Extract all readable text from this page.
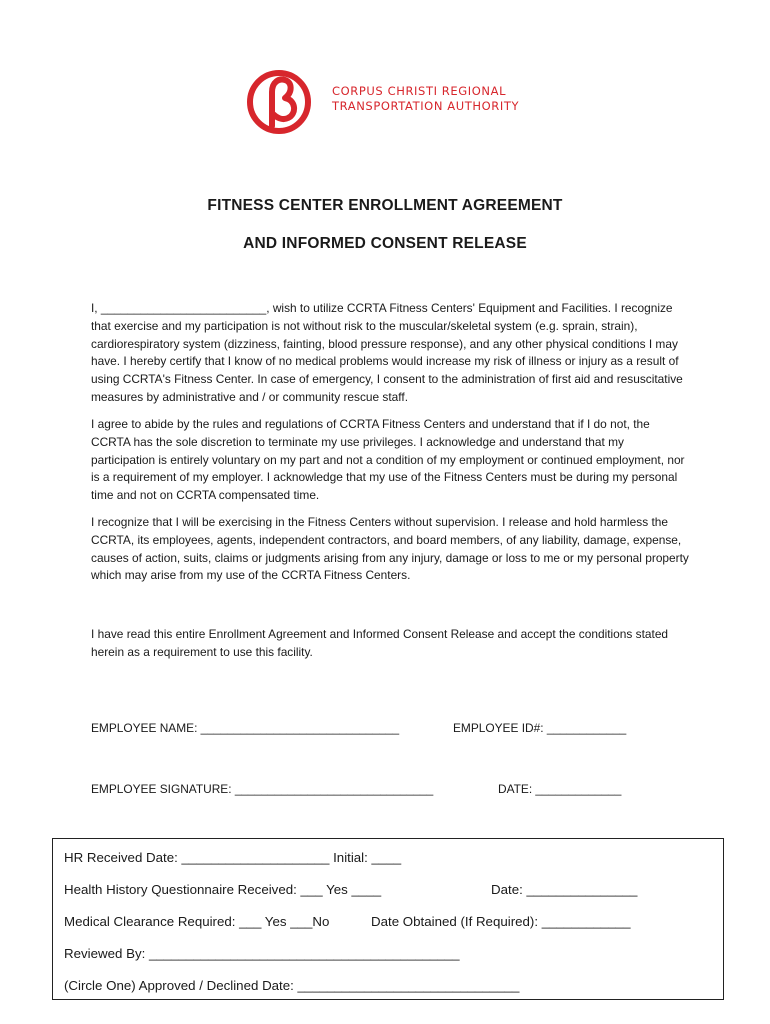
CORPUS CHRISTI REGIONAL
TRANSPORTATION AUTHORITY
FITNESS CENTER ENROLLMENT AGREEMENT
AND INFORMED CONSENT RELEASE

I, _________________________, wish to utilize CCRTA Fitness Centers' Equipment and Facilities. I recognize that exercise and my participation is not without risk to the muscular/skeletal system (e.g. sprain, strain), cardiorespiratory system (dizziness, fainting, blood pressure response), and any other physical conditions I may have. I hereby certify that I know of no medical problems would increase my risk of illness or injury as a result of using CCRTA's Fitness Center. In case of emergency, I consent to the administration of first aid and resuscitative measures by administrative and / or community rescue staff.

I agree to abide by the rules and regulations of CCRTA Fitness Centers and understand that if I do not, the CCRTA has the sole discretion to terminate my use privileges. I acknowledge and understand that my participation is entirely voluntary on my part and not a condition of my employment or continued employment, nor is a requirement of my employer. I acknowledge that my use of the Fitness Centers must be during my personal time and not on CCRTA compensated time.

I recognize that I will be exercising in the Fitness Centers without supervision. I release and hold harmless the CCRTA, its employees, agents, independent contractors, and board members, of any liability, damage, expense, causes of action, suits, claims or judgments arising from any injury, damage or loss to me or my personal property which may arise from my use of the CCRTA Fitness Centers.

I have read this entire Enrollment Agreement and Informed Consent Release and accept the conditions stated herein as a requirement to use this facility.

EMPLOYEE NAME: ______________________________	EMPLOYEE ID#: ____________
EMPLOYEE SIGNATURE: ______________________________	DATE: _____________
HR Received Date: ____________________ Initial: ____
Health History Questionnaire Received: ___ Yes ____	Date: _______________
Medical Clearance Required: ___ Yes ___No	Date Obtained (If Required): ____________
Reviewed By: __________________________________________
(Circle One) Approved / Declined Date: ______________________________
